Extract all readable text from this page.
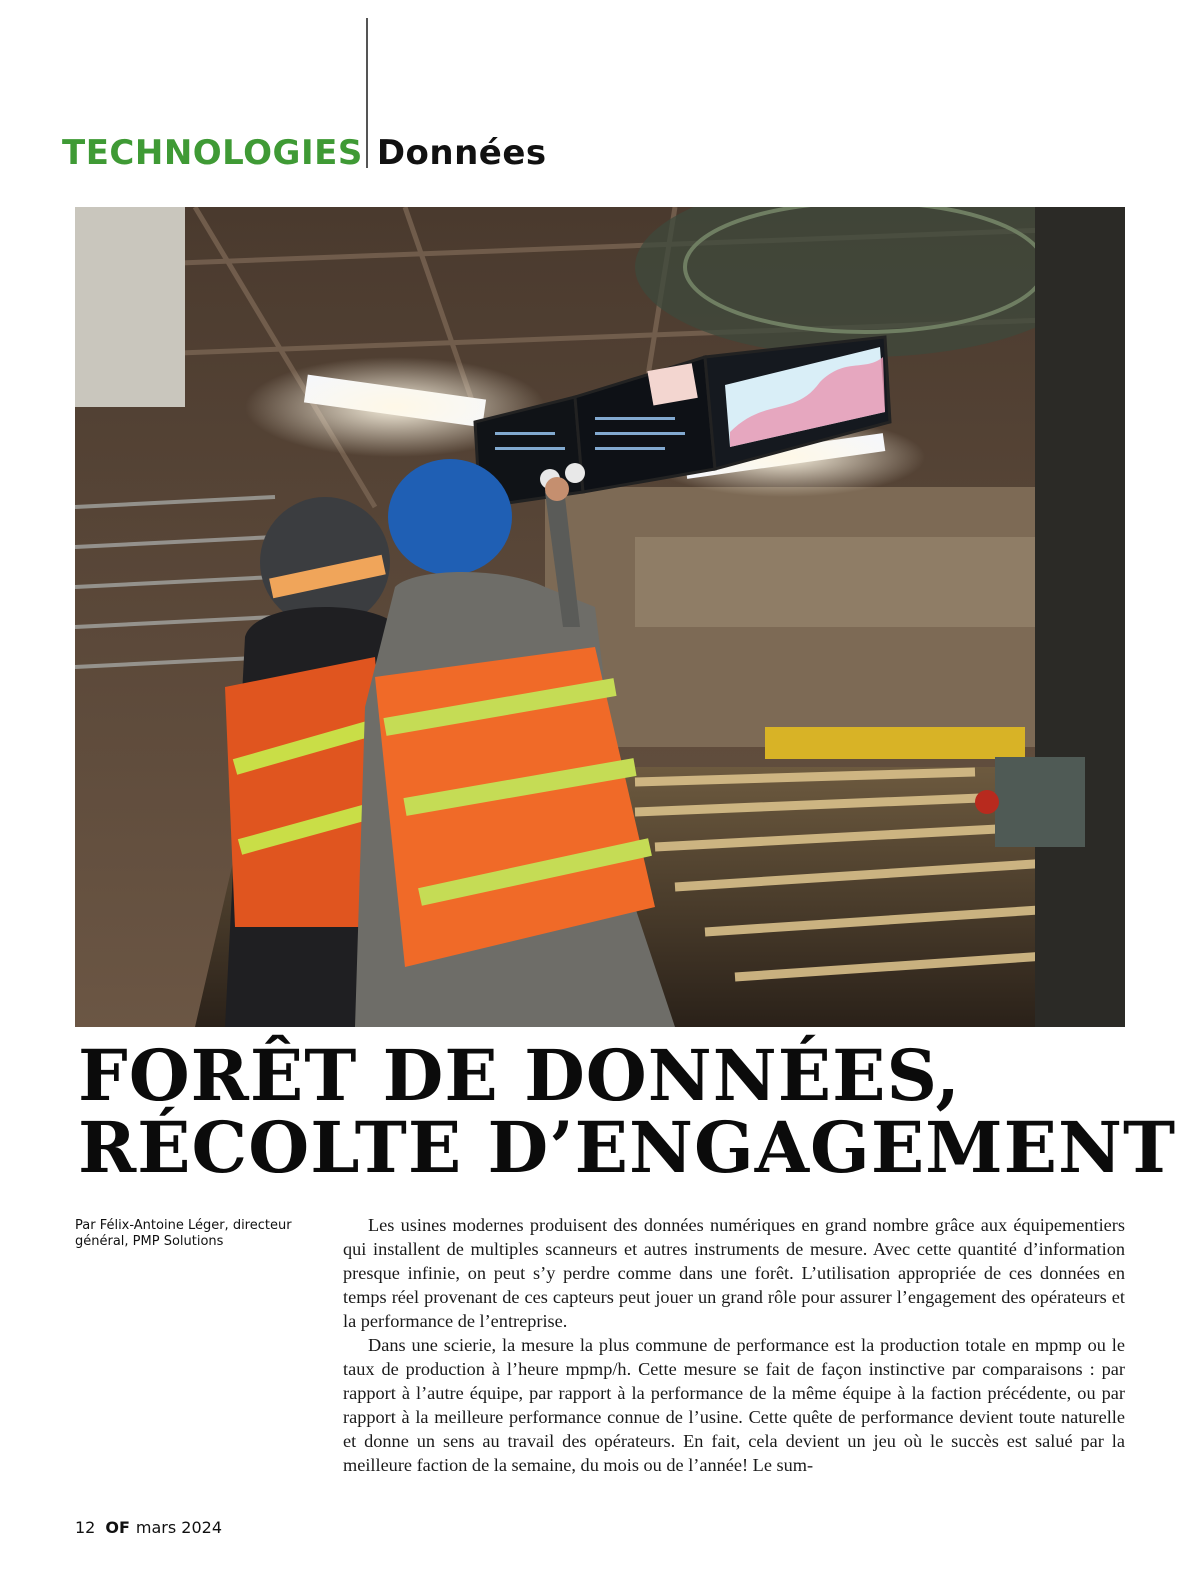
TECHNOLOGIES Données
FORÊT DE DONNÉES,
RÉCOLTE D’ENGAGEMENT
Par Félix-Antoine Léger, directeur général, PMP Solutions

Les usines modernes produisent des données numériques en grand nombre grâce aux équipementiers qui installent de multiples scanneurs et autres instruments de mesure. Avec cette quantité d’information presque infinie, on peut s’y perdre comme dans une forêt. L’utilisation appropriée de ces données en temps réel provenant de ces capteurs peut jouer un grand rôle pour assurer l’engagement des opérateurs et la performance de l’entreprise.

Dans une scierie, la mesure la plus commune de performance est la production totale en mpmp ou le taux de production à l’heure mpmp/h. Cette mesure se fait de façon instinctive par comparaisons : par rapport à l’autre équipe, par rapport à la performance de la même équipe à la faction précédente, ou par rapport à la meilleure performance connue de l’usine. Cette quête de performance devient toute naturelle et donne un sens au travail des opérateurs. En fait, cela devient un jeu où le succès est salué par la meilleure faction de la semaine, du mois ou de l’année! Le sum-

12 OF mars 2024
